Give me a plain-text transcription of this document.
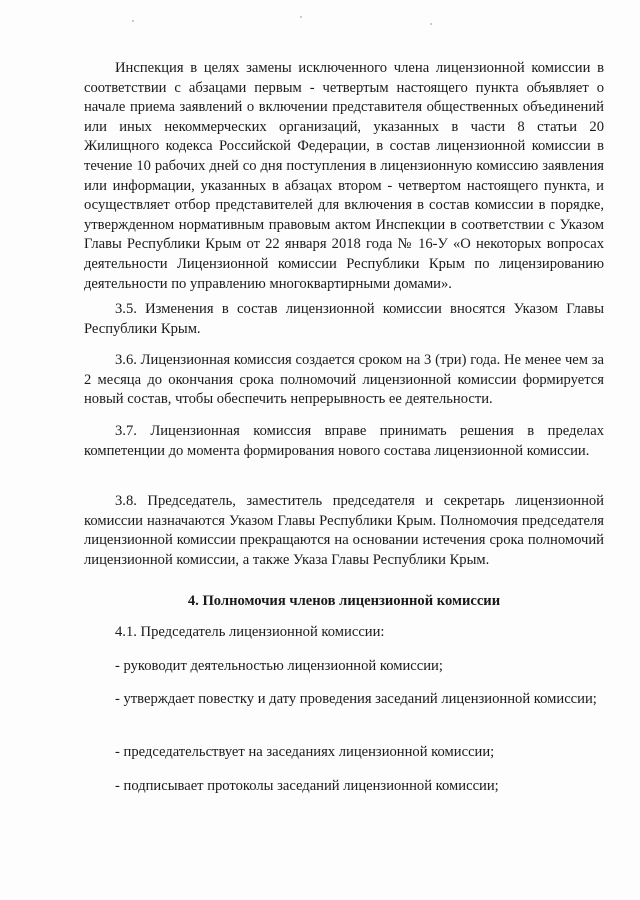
Инспекция в целях замены исключенного члена лицензионной комиссии в соответствии с абзацами первым - четвертым настоящего пункта объявляет о начале приема заявлений о включении представителя общественных объединений или иных некоммерческих организаций, указанных в части 8 статьи 20 Жилищного кодекса Российской Федерации, в состав лицензионной комиссии в течение 10 рабочих дней со дня поступления в лицензионную комиссию заявления или информации, указанных в абзацах втором - четвертом настоящего пункта, и осуществляет отбор представителей для включения в состав комиссии в порядке, утвержденном нормативным правовым актом Инспекции в соответствии с Указом Главы Республики Крым от 22 января 2018 года № 16-У «О некоторых вопросах деятельности Лицензионной комиссии Республики Крым по лицензированию деятельности по управлению многоквартирными домами».

3.5. Изменения в состав лицензионной комиссии вносятся Указом Главы Республики Крым.

3.6. Лицензионная комиссия создается сроком на 3 (три) года. Не менее чем за 2 месяца до окончания срока полномочий лицензионной комиссии формируется новый состав, чтобы обеспечить непрерывность ее деятельности.

3.7. Лицензионная комиссия вправе принимать решения в пределах компетенции до момента формирования нового состава лицензионной комиссии.

3.8. Председатель, заместитель председателя и секретарь лицензионной комиссии назначаются Указом Главы Республики Крым. Полномочия председателя лицензионной комиссии прекращаются на основании истечения срока полномочий лицензионной комиссии, а также Указа Главы Республики Крым.

4. Полномочия членов лицензионной комиссии

4.1. Председатель лицензионной комиссии:

- руководит деятельностью лицензионной комиссии;

- утверждает повестку и дату проведения заседаний лицензионной комиссии;

- председательствует на заседаниях лицензионной комиссии;

- подписывает протоколы заседаний лицензионной комиссии;
